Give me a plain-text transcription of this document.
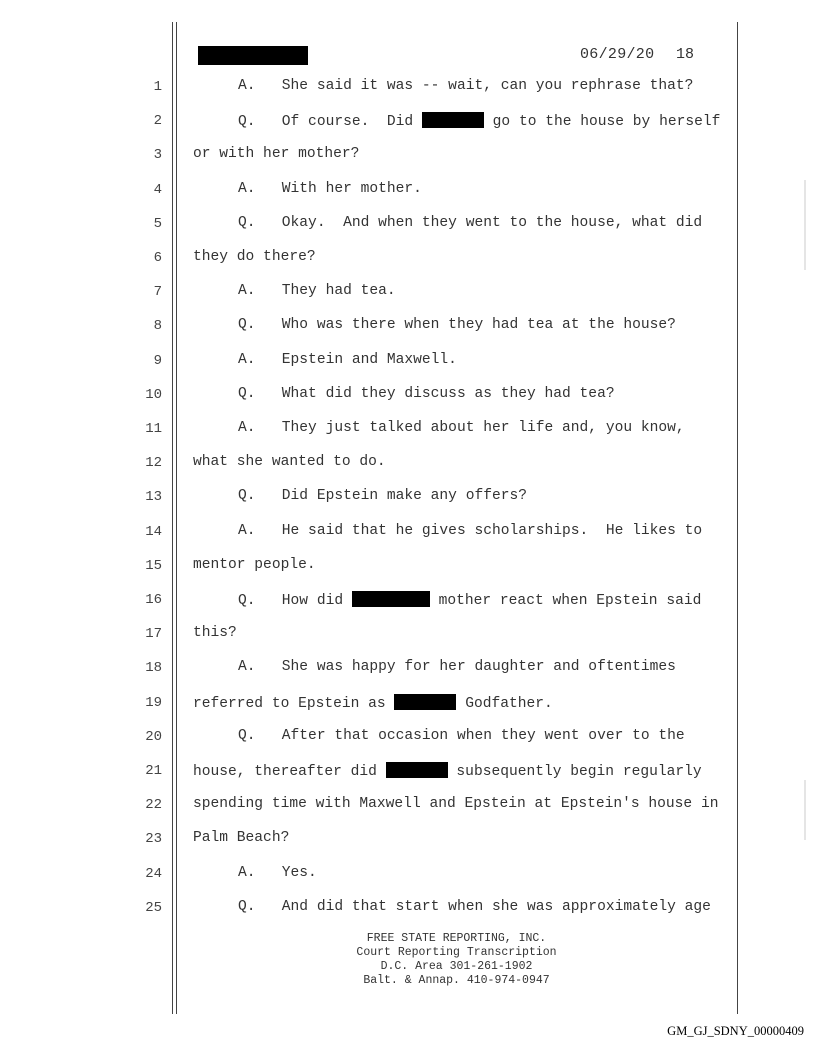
06/29/20 18
1	A.   She said it was -- wait, can you rephrase that?
2	Q.   Of course.  Did	go to the house by herself
3 or with her mother?
4	A.   With her mother.
5	Q.   Okay.  And when they went to the house, what did
6 they do there?
7	A.   They had tea.
8	Q.   Who was there when they had tea at the house?
9	A.   Epstein and Maxwell.
10	Q.   What did they discuss as they had tea?
11	A.   They just talked about her life and, you know,
12 what she wanted to do.
13	Q.   Did Epstein make any offers?
14	A.   He said that he gives scholarships.  He likes to
15 mentor people.
16	Q.   How did	mother react when Epstein said
17 this?
18	A.   She was happy for her daughter and oftentimes
19 referred to Epstein as	Godfather.
20	Q.   After that occasion when they went over to the
21 house, thereafter did	subsequently begin regularly
22 spending time with Maxwell and Epstein at Epstein's house in
23 Palm Beach?
24	A.   Yes.
25	Q.   And did that start when she was approximately age
FREE STATE REPORTING, INC.
Court Reporting Transcription
D.C. Area 301-261-1902
Balt. & Annap. 410-974-0947
GM_GJ_SDNY_00000409
